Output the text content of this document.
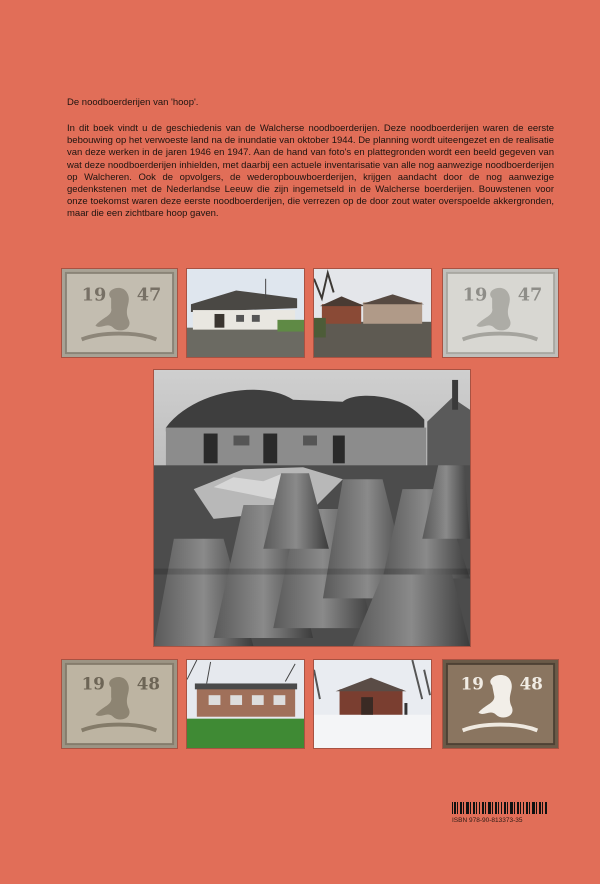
De noodboerderijen van 'hoop'.
In dit boek vindt u de geschiedenis van de Walcherse noodboerderijen. Deze noodboerderijen waren de eerste bebouwing op het verwoeste land na de inundatie van oktober 1944. De planning wordt uiteengezet en de realisatie van deze werken in de jaren 1946 en 1947. Aan de hand van foto's en plattegronden wordt een beeld gegeven van wat deze noodboerderijen inhielden, met daarbij een actuele inventarisatie van alle nog aanwezige noodboerderijen op Walcheren. Ook de opvolgers, de wederopbouwboerderijen, krijgen aandacht door de nog aanwezige gedenkstenen met de Nederlandse Leeuw die zijn ingemetseld in de Walcherse boerderijen. Bouwstenen voor onze toekomst waren deze eerste noodboerderijen, die verrezen op de door zout water overspoelde akkergronden, maar die een zichtbare hoop gaven.
19 47	19 47
19 48	19 48
ISBN 978-90-813373-35
